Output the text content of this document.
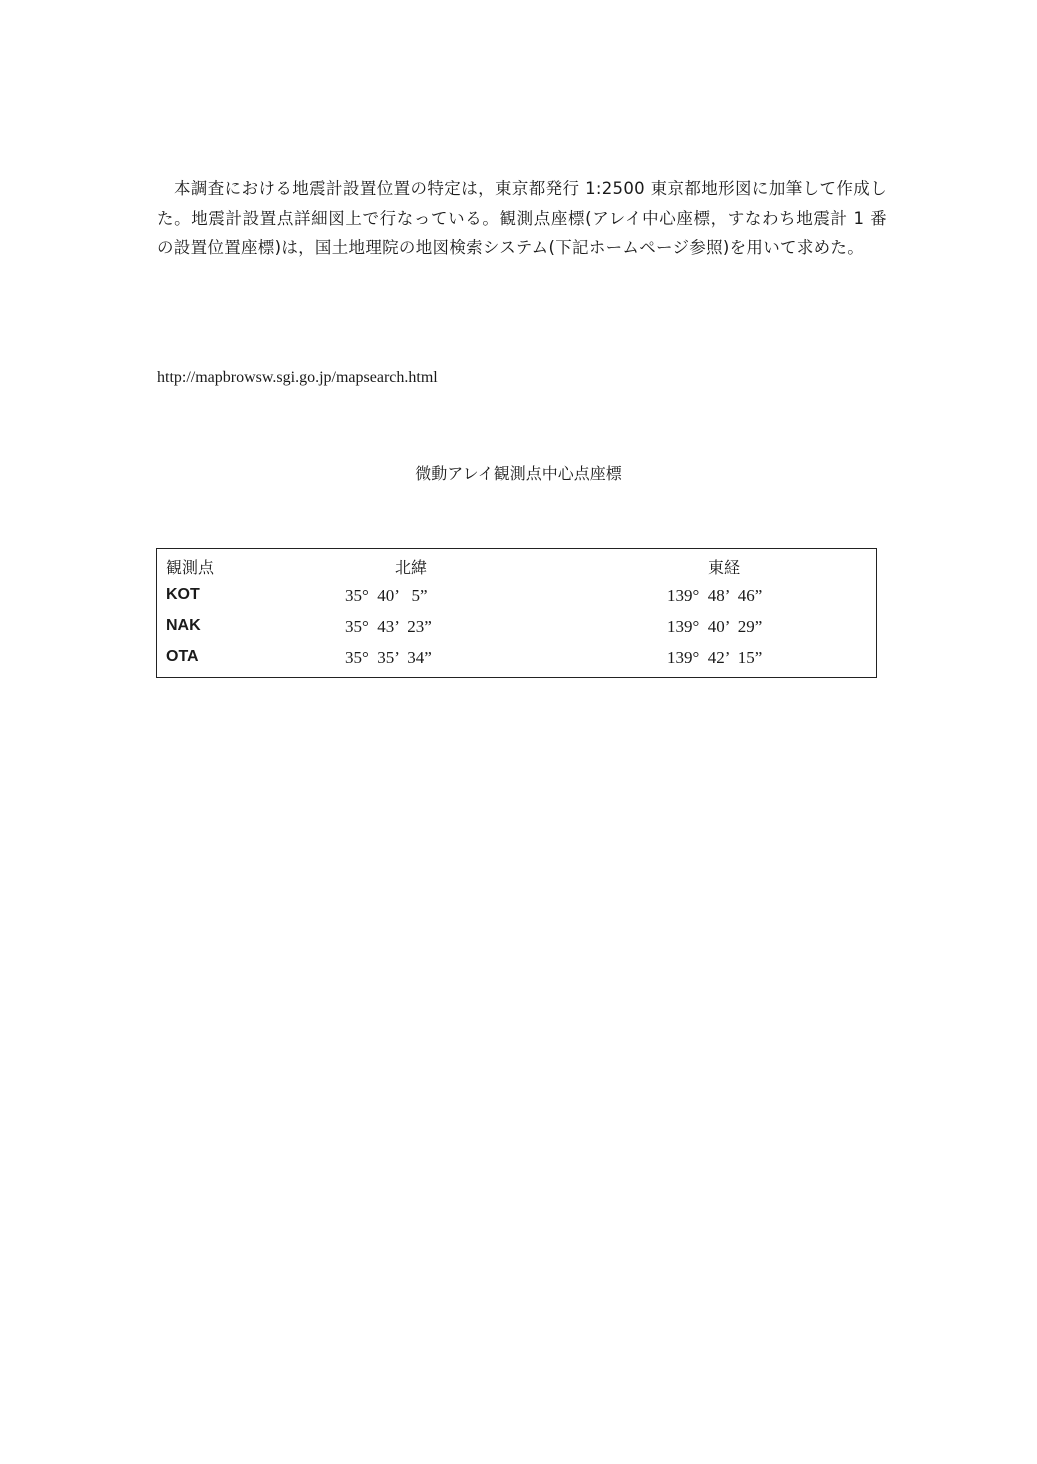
本調査における地震計設置位置の特定は，東京都発行 1:2500 東京都地形図に加筆して作成した。地震計設置点詳細図上で行なっている。観測点座標(アレイ中心座標，すなわち地震計 1 番の設置位置座標)は，国土地理院の地図検索システム(下記ホームページ参照)を用いて求めた。
http://mapbrowsw.sgi.go.jp/mapsearch.html
微動アレイ観測点中心点座標
観測点	北緯	東経
KOT	35°  40’   5”	139°  48’  46”
NAK	35°  43’  23”	139°  40’  29”
OTA	35°  35’  34”	139°  42’  15”
